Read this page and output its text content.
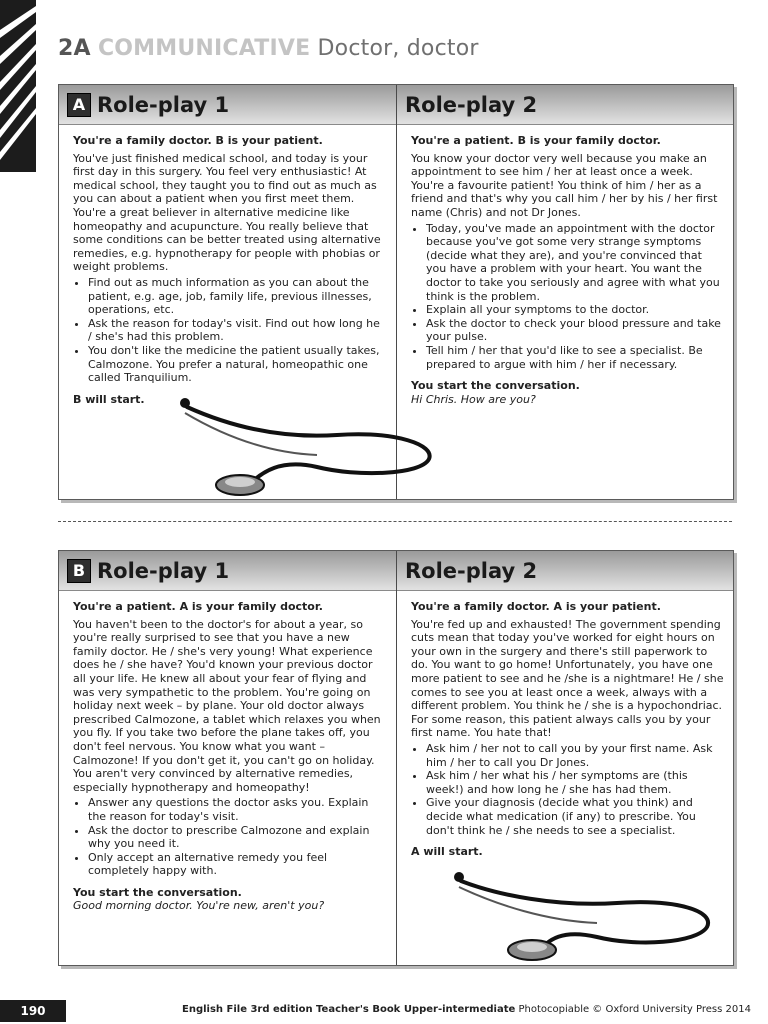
2A COMMUNICATIVE Doctor, doctor
A Role-play 1

You're a family doctor. B is your patient.

You've just finished medical school, and today is your first day in this surgery. You feel very enthusiastic! At medical school, they taught you to find out as much as you can about a patient when you first meet them. You're a great believer in alternative medicine like homeopathy and acupuncture. You really believe that some conditions can be better treated using alternative remedies, e.g. hypnotherapy for people with phobias or weight problems.

• Find out as much information as you can about the patient, e.g. age, job, family life, previous illnesses, operations, etc.
• Ask the reason for today's visit. Find out how long he / she's had this problem.
• You don't like the medicine the patient usually takes, Calmozone. You prefer a natural, homeopathic one called Tranquilium.

B will start.

Role-play 2

You're a patient. B is your family doctor.

You know your doctor very well because you make an appointment to see him / her at least once a week. You're a favourite patient! You think of him / her as a friend and that's why you call him / her by his / her first name (Chris) and not Dr Jones.

• Today, you've made an appointment with the doctor because you've got some very strange symptoms (decide what they are), and you're convinced that you have a problem with your heart. You want the doctor to take you seriously and agree with what you think is the problem.
• Explain all your symptoms to the doctor.
• Ask the doctor to check your blood pressure and take your pulse.
• Tell him / her that you'd like to see a specialist. Be prepared to argue with him / her if necessary.

You start the conversation.

Hi Chris. How are you?

B Role-play 1

You're a patient. A is your family doctor.

You haven't been to the doctor's for about a year, so you're really surprised to see that you have a new family doctor. He / she's very young! What experience does he / she have? You'd known your previous doctor all your life. He knew all about your fear of flying and was very sympathetic to the problem. You're going on holiday next week – by plane. Your old doctor always prescribed Calmozone, a tablet which relaxes you when you fly. If you take two before the plane takes off, you don't feel nervous. You know what you want – Calmozone! If you don't get it, you can't go on holiday. You aren't very convinced by alternative remedies, especially hypnotherapy and homeopathy!

• Answer any questions the doctor asks you. Explain the reason for today's visit.
• Ask the doctor to prescribe Calmozone and explain why you need it.
• Only accept an alternative remedy you feel completely happy with.

You start the conversation.

Good morning doctor. You're new, aren't you?

Role-play 2

You're a family doctor. A is your patient.

You're fed up and exhausted! The government spending cuts mean that today you've worked for eight hours on your own in the surgery and there's still paperwork to do. You want to go home! Unfortunately, you have one more patient to see and he /she is a nightmare! He / she comes to see you at least once a week, always with a different problem. You think he / she is a hypochondriac. For some reason, this patient always calls you by your first name. You hate that!

• Ask him / her not to call you by your first name. Ask him / her to call you Dr Jones.
• Ask him / her what his / her symptoms are (this week!) and how long he / she has had them.
• Give your diagnosis (decide what you think) and decide what medication (if any) to prescribe. You don't think he / she needs to see a specialist.

A will start.

190	English File 3rd edition Teacher's Book Upper-intermediate Photocopiable © Oxford University Press 2014
